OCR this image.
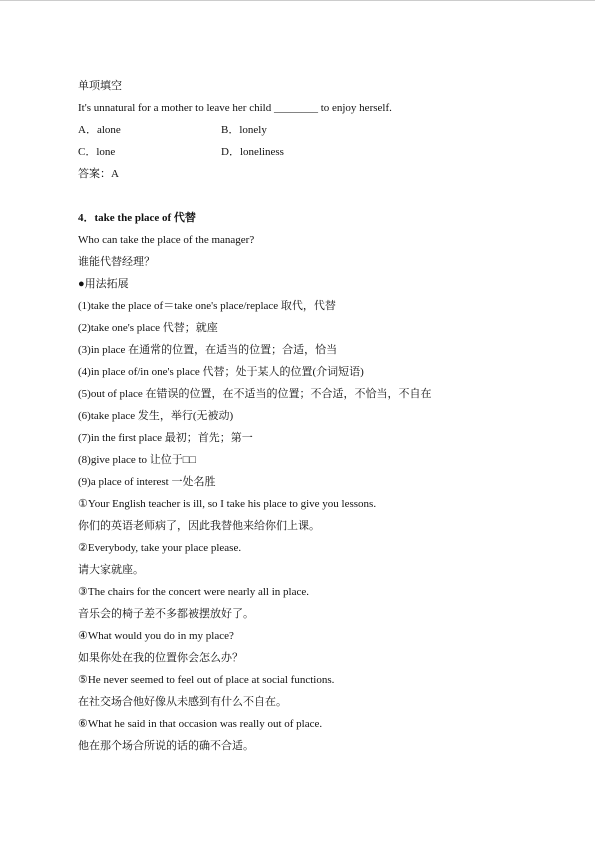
单项填空
It's unnatural for a mother to leave her child ________ to enjoy herself.
A．alone	B．lonely
C．lone	D．loneliness
答案：A
4．take the place of 代替
Who can take the place of the manager?
谁能代替经理？
●用法拓展
(1)take the place of＝take one's place/replace 取代，代替
(2)take one's place 代替；就座
(3)in place 在通常的位置，在适当的位置；合适，恰当
(4)in place of/in one's place 代替；处于某人的位置(介词短语)
(5)out of place 在错误的位置，在不适当的位置；不合适，不恰当，不自在
(6)take place 发生，举行(无被动)
(7)in the first place 最初；首先；第一
(8)give place to 让位于□□
(9)a place of interest 一处名胜
①Your English teacher is ill, so I take his place to give you lessons.
你们的英语老师病了，因此我替他来给你们上课。
②Everybody, take your place please.
请大家就座。
③The chairs for the concert were nearly all in place.
音乐会的椅子差不多都被摆放好了。
④What would you do in my place?
如果你处在我的位置你会怎么办？
⑤He never seemed to feel out of place at social functions.
在社交场合他好像从未感到有什么不自在。
⑥What he said in that occasion was really out of place.
他在那个场合所说的话的确不合适。
